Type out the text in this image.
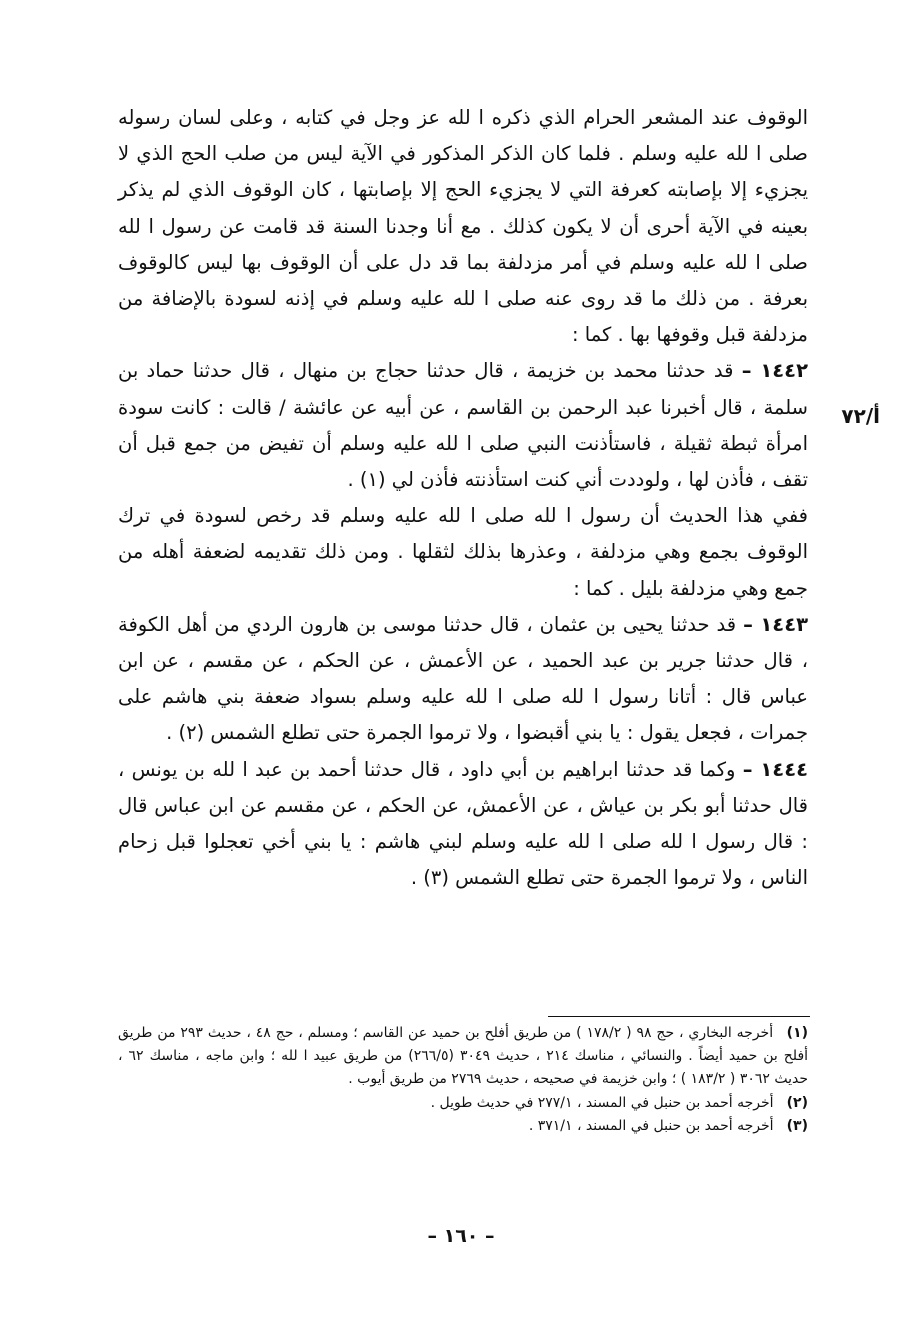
أ/٧٢

الوقوف عند المشعر الحرام الذي ذكره ا لله عز وجل في كتابه ، وعلى لسان رسوله صلى ا لله عليه وسلم . فلما كان الذكر المذكور في الآية ليس من صلب الحج الذي لا يجزيء إلا بإصابته كعرفة التي لا يجزيء الحج إلا بإصابتها ، كان الوقوف الذي لم يذكر بعينه في الآية أحرى أن لا يكون كذلك . مع أنا وجدنا السنة قد قامت عن رسول ا لله صلى ا لله عليه وسلم في أمر مزدلفة بما قد دل على أن الوقوف بها ليس كالوقوف بعرفة . من ذلك ما قد روى عنه صلى ا لله عليه وسلم في إذنه لسودة بالإضافة من مزدلفة قبل وقوفها بها . كما :

١٤٤٢ – قد حدثنا محمد بن خزيمة ، قال حدثنا حجاج بن منهال ، قال حدثنا حماد بن سلمة ، قال أخبرنا عبد الرحمن بن القاسم ، عن أبيه عن عائشة / قالت : كانت سودة امرأة ثبطة ثقيلة ، فاستأذنت النبي صلى ا لله عليه وسلم أن تفيض من جمع قبل أن تقف ، فأذن لها ، ولوددت أني كنت استأذنته فأذن لي (١) .

ففي هذا الحديث أن رسول ا لله صلى ا لله عليه وسلم قد رخص لسودة في ترك الوقوف بجمع وهي مزدلفة ، وعذرها بذلك لثقلها . ومن ذلك تقديمه لضعفة أهله من جمع وهي مزدلفة بليل . كما :

١٤٤٣ – قد حدثنا يحيى بن عثمان ، قال حدثنا موسى بن هارون الردي من أهل الكوفة ، قال حدثنا جرير بن عبد الحميد ، عن الأعمش ، عن الحكم ، عن مقسم ، عن ابن عباس قال : أتانا رسول ا لله صلى ا لله عليه وسلم بسواد ضعفة بني هاشم على جمرات ، فجعل يقول : يا بني أقبضوا ، ولا ترموا الجمرة حتى تطلع الشمس (٢) .

١٤٤٤ – وكما قد حدثنا ابراهيم بن أبي داود ، قال حدثنا أحمد بن عبد ا لله بن يونس ، قال حدثنا أبو بكر بن عياش ، عن الأعمش، عن الحكم ، عن مقسم عن ابن عباس قال : قال رسول ا لله صلى ا لله عليه وسلم لبني هاشم : يا بني أخي تعجلوا قبل زحام الناس ، ولا ترموا الجمرة حتى تطلع الشمس (٣) .

(١) أخرجه البخاري ، حج ٩٨ ( ١٧٨/٢ ) من طريق أفلح بن حميد عن القاسم ؛ ومسلم ، حج ٤٨ ، حديث ٢٩٣ من طريق أفلح بن حميد أيضاً . والنسائي ، مناسك ٢١٤ ، حديث ٣٠٤٩ (٢٦٦/٥) من طريق عبيد ا لله ؛ وابن ماجه ، مناسك ٦٢ ، حديث ٣٠٦٢ ( ١٨٣/٢ ) ؛ وابن خزيمة في صحيحه ، حديث ٢٧٦٩ من طريق أيوب .

(٢) أخرجه أحمد بن حنبل في المسند ، ٢٧٧/١ في حديث طويل .

(٣) أخرجه أحمد بن حنبل في المسند ، ٣٧١/١ .

– ١٦٠ –
